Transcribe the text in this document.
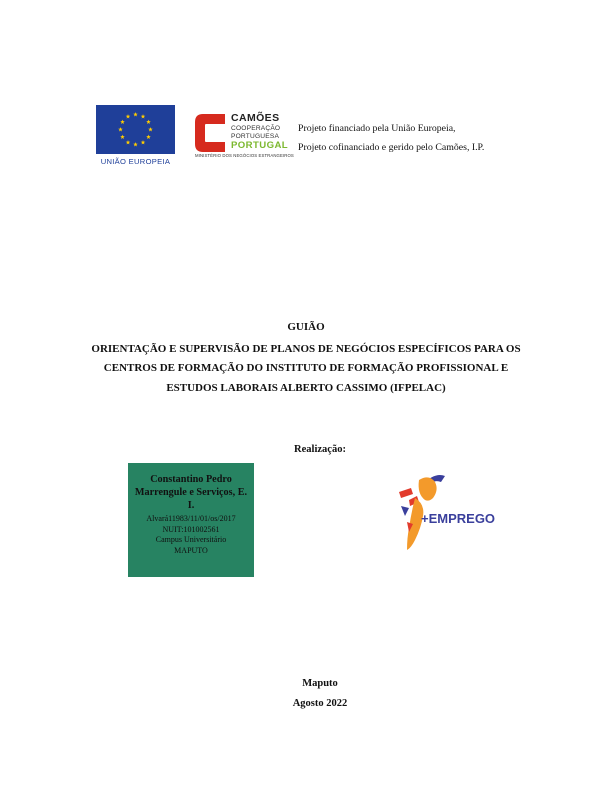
UNIÃO EUROPEIA
CAMÕES
COOPERAÇÃO
PORTUGUESA
PORTUGAL
MINISTÉRIO DOS NEGÓCIOS ESTRANGEIROS
Projeto financiado pela União Europeia,
Projeto cofinanciado e gerido pelo Camões, I.P.
GUIÃO
ORIENTAÇÃO E SUPERVISÃO DE PLANOS DE NEGÓCIOS ESPECÍFICOS PARA OS
CENTROS DE FORMAÇÃO DO INSTITUTO DE FORMAÇÃO PROFISSIONAL E
ESTUDOS LABORAIS ALBERTO CASSIMO (IFPELAC)
Realização:
Constantino Pedro Marrengule e Serviços, E. I.
Alvará11983/11/01/os/2017
NUIT:101002561
Campus Universitário
MAPUTO
+EMPREGO
Maputo
Agosto 2022
